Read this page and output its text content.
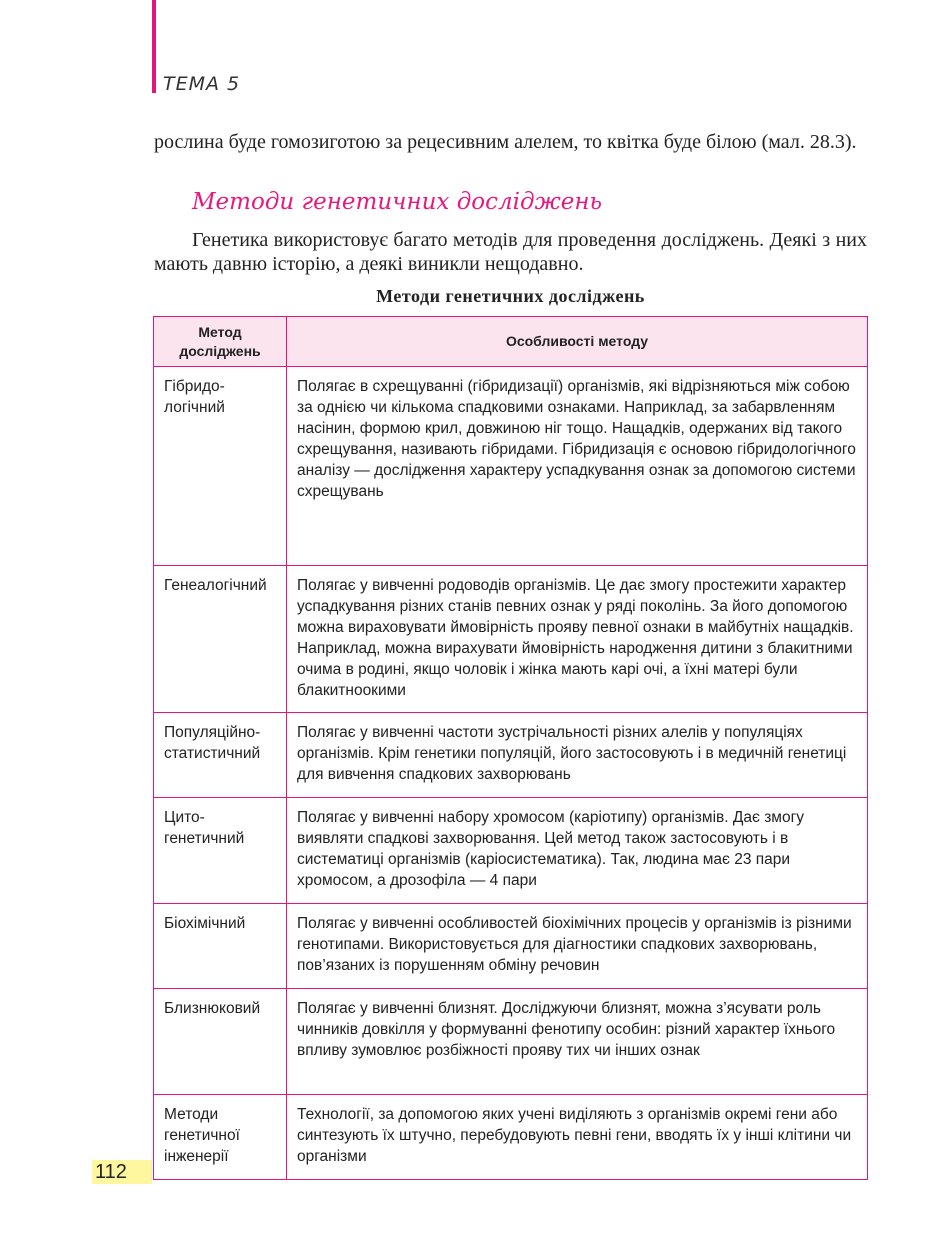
ТЕМА 5
рослина буде гомозиготою за рецесивним алелем, то квітка буде білою (мал. 28.3).
Методи генетичних досліджень
Генетика використовує багато методів для проведення досліджень. Деякі з них мають давню історію, а деякі виникли нещодавно.
Методи генетичних досліджень
Метод досліджень	Особливості методу
Гібридо-логічний	Полягає в схрещуванні (гібридизації) організмів, які відрізняються між собою за однією чи кількома спадковими ознаками. Наприклад, за забарвленням насінин, формою крил, довжиною ніг тощо. Нащадків, одержаних від такого схрещування, називають гібридами. Гібридизація є основою гібридологічного аналізу — дослідження характеру успадкування ознак за допомогою системи схрещувань
Генеалогічний	Полягає у вивченні родоводів організмів. Це дає змогу простежити характер успадкування різних станів певних ознак у ряді поколінь. За його допомогою можна вираховувати ймовірність прояву певної ознаки в майбутніх нащадків. Наприклад, можна вирахувати ймовірність народження дитини з блакитними очима в родині, якщо чоловік і жінка мають карі очі, а їхні матері були блакитноокими
Популяційно-статистичний	Полягає у вивченні частоти зустрічальності різних алелів у популяціях організмів. Крім генетики популяцій, його застосовують і в медичній генетиці для вивчення спадкових захворювань
Цито-генетичний	Полягає у вивченні набору хромосом (каріотипу) організмів. Дає змогу виявляти спадкові захворювання. Цей метод також застосовують і в систематиці організмів (каріосистематика). Так, людина має 23 пари хромосом, а дрозофіла — 4 пари
Біохімічний	Полягає у вивченні особливостей біохімічних процесів у організмів із різними генотипами. Використовується для діагностики спадкових захворювань, пов’язаних із порушенням обміну речовин
Близнюковий	Полягає у вивченні близнят. Досліджуючи близнят, можна з’ясувати роль чинників довкілля у формуванні фенотипу особин: різний характер їхнього впливу зумовлює розбіжності прояву тих чи інших ознак
Методи генетичної інженерії	Технології, за допомогою яких учені виділяють з організмів окремі гени або синтезують їх штучно, перебудовують певні гени, вводять їх у інші клітини чи організми
112
